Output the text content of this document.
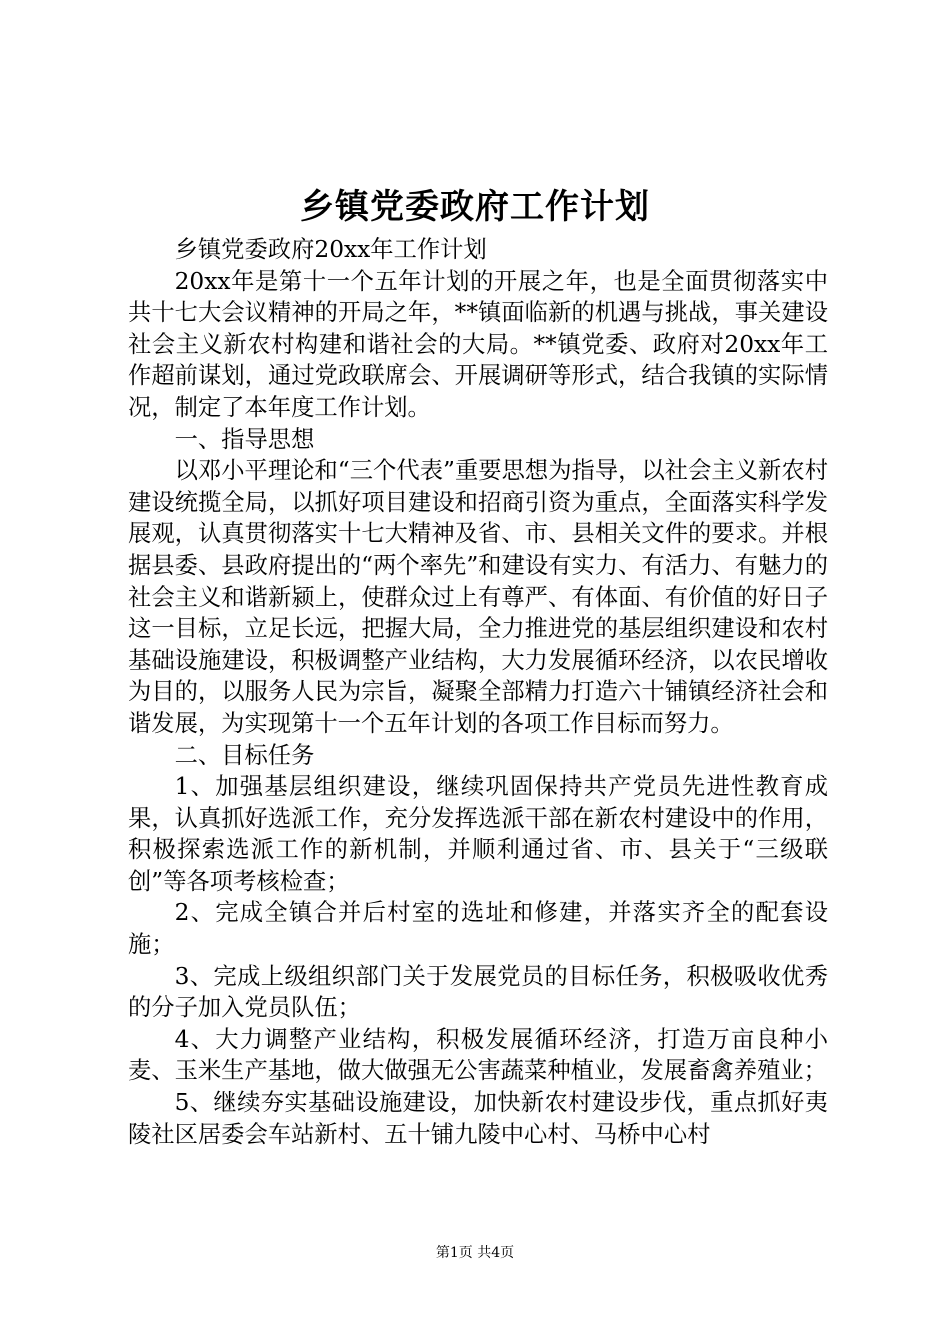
乡镇党委政府工作计划

乡镇党委政府20xx年工作计划

20xx年是第十一个五年计划的开展之年，也是全面贯彻落实中共十七大会议精神的开局之年，**镇面临新的机遇与挑战，事关建设社会主义新农村构建和谐社会的大局。**镇党委、政府对20xx年工作超前谋划，通过党政联席会、开展调研等形式，结合我镇的实际情况，制定了本年度工作计划。

一、指导思想

以邓小平理论和“三个代表”重要思想为指导，以社会主义新农村建设统揽全局，以抓好项目建设和招商引资为重点，全面落实科学发展观，认真贯彻落实十七大精神及省、市、县相关文件的要求。并根据县委、县政府提出的“两个率先”和建设有实力、有活力、有魅力的社会主义和谐新颍上，使群众过上有尊严、有体面、有价值的好日子这一目标，立足长远，把握大局，全力推进党的基层组织建设和农村基础设施建设，积极调整产业结构，大力发展循环经济，以农民增收为目的，以服务人民为宗旨，凝聚全部精力打造六十铺镇经济社会和谐发展，为实现第十一个五年计划的各项工作目标而努力。

二、目标任务

1、加强基层组织建设，继续巩固保持共产党员先进性教育成果，认真抓好选派工作，充分发挥选派干部在新农村建设中的作用，积极探索选派工作的新机制，并顺利通过省、市、县关于“三级联创”等各项考核检查；

2、完成全镇合并后村室的选址和修建，并落实齐全的配套设施；

3、完成上级组织部门关于发展党员的目标任务，积极吸收优秀的分子加入党员队伍；

4、大力调整产业结构，积极发展循环经济，打造万亩良种小麦、玉米生产基地，做大做强无公害蔬菜种植业，发展畜禽养殖业；

5、继续夯实基础设施建设，加快新农村建设步伐，重点抓好夷陵社区居委会车站新村、五十铺九陵中心村、马桥中心村

第1页 共4页
